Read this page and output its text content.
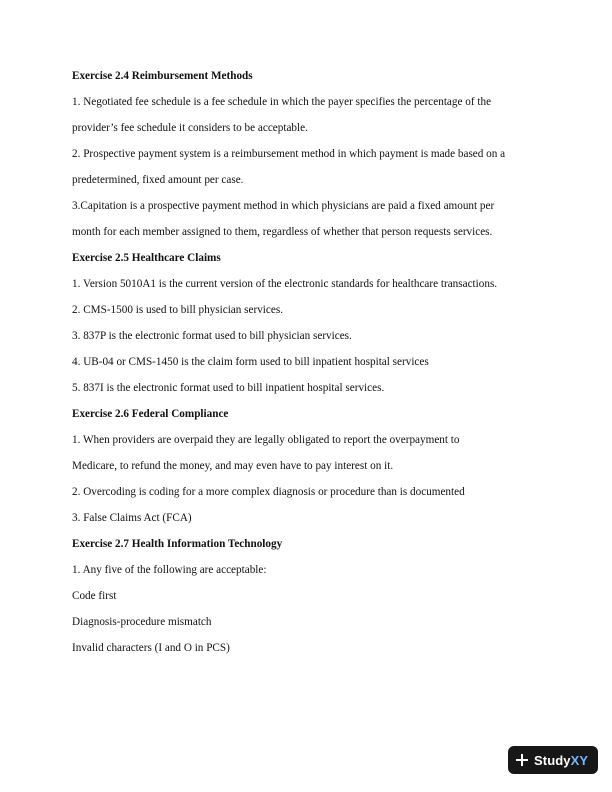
Exercise 2.4 Reimbursement Methods

1. Negotiated fee schedule is a fee schedule in which the payer specifies the percentage of the

provider’s fee schedule it considers to be acceptable.

2. Prospective payment system is a reimbursement method in which payment is made based on a

predetermined, fixed amount per case.

3.Capitation is a prospective payment method in which physicians are paid a fixed amount per

month for each member assigned to them, regardless of whether that person requests services.

Exercise 2.5 Healthcare Claims

1. Version 5010A1 is the current version of the electronic standards for healthcare transactions.

2. CMS-1500 is used to bill physician services.

3. 837P is the electronic format used to bill physician services.

4. UB-04 or CMS-1450 is the claim form used to bill inpatient hospital services

5. 837I is the electronic format used to bill inpatient hospital services.

Exercise 2.6 Federal Compliance

1. When providers are overpaid they are legally obligated to report the overpayment to

Medicare, to refund the money, and may even have to pay interest on it.

2. Overcoding is coding for a more complex diagnosis or procedure than is documented

3. False Claims Act (FCA)

Exercise 2.7 Health Information Technology

1. Any five of the following are acceptable:

Code first

Diagnosis-procedure mismatch

Invalid characters (I and O in PCS)

StudyXY
